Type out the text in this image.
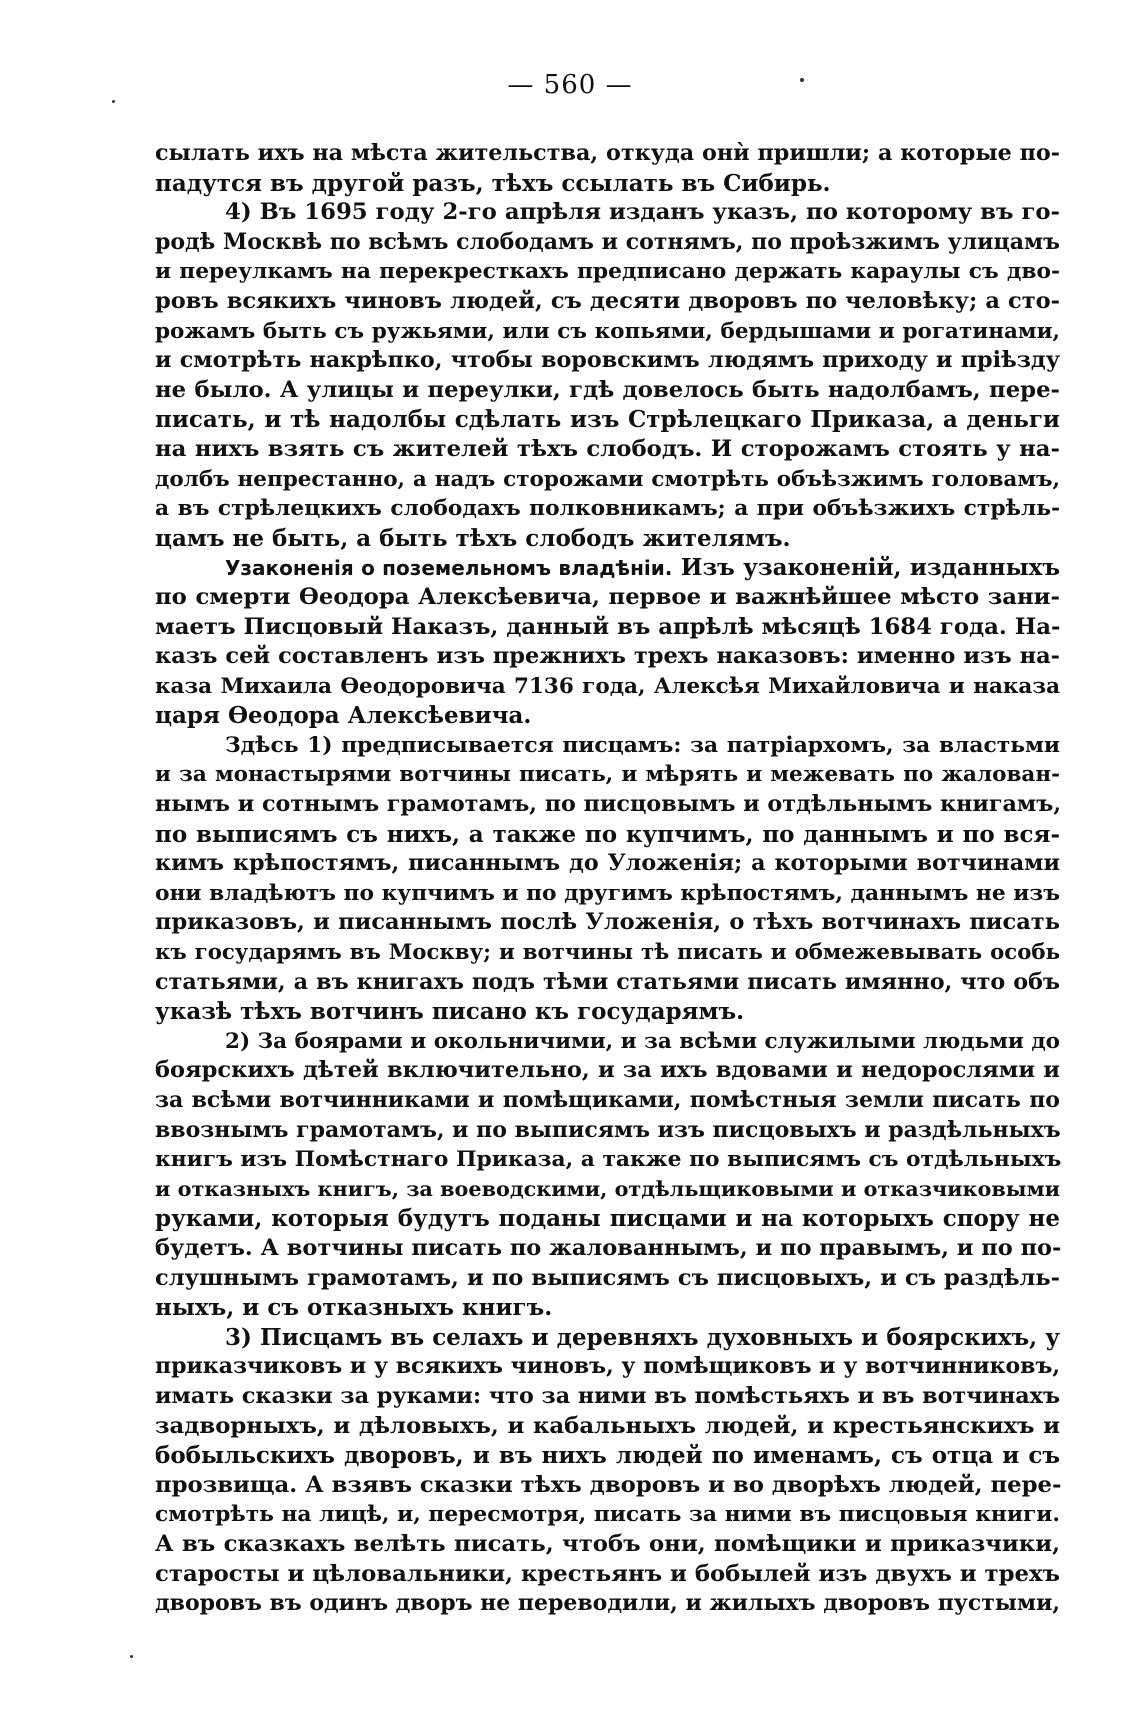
— 560 —
сылать ихъ на мѣста жительства, откуда онѝ пришли; а которые по-
падутся въ другой разъ, тѣхъ ссылать въ Сибирь.
4) Въ 1695 году 2-го апрѣля изданъ указъ, по которому въ го-
родѣ Москвѣ по всѣмъ слободамъ и сотнямъ, по проѣзжимъ улицамъ
и переулкамъ на перекресткахъ предписано держать караулы съ дво-
ровъ всякихъ чиновъ людей, съ десяти дворовъ по человѣку; а сто-
рожамъ быть съ ружьями, или съ копьями, бердышами и рогатинами,
и смотрѣть накрѣпко, чтобы воровскимъ людямъ приходу и пріѣзду
не было. А улицы и переулки, гдѣ довелось быть надолбамъ, пере-
писать, и тѣ надолбы сдѣлать изъ Стрѣлецкаго Приказа, а деньги
на нихъ взять съ жителей тѣхъ слободъ. И сторожамъ стоять у на-
долбъ непрестанно, а надъ сторожами смотрѣть объѣзжимъ головамъ,
а въ стрѣлецкихъ слободахъ полковникамъ; а при объѣзжихъ стрѣль-
цамъ не быть, а быть тѣхъ слободъ жителямъ.
Узаконенія о поземельномъ владѣніи. Изъ узаконеній, изданныхъ
по смерти Ѳеодора Алексѣевича, первое и важнѣйшее мѣсто зани-
маетъ Писцовый Наказъ, данный въ апрѣлѣ мѣсяцѣ 1684 года. На-
казъ сей составленъ изъ прежнихъ трехъ наказовъ: именно изъ на-
каза Михаила Ѳеодоровича 7136 года, Алексѣя Михайловича и наказа
царя Ѳеодора Алексѣевича.
Здѣсь 1) предписывается писцамъ: за патріархомъ, за властьми
и за монастырями вотчины писать, и мѣрять и межевать по жалован-
нымъ и сотнымъ грамотамъ, по писцовымъ и отдѣльнымъ книгамъ,
по выписямъ съ нихъ, а также по купчимъ, по даннымъ и по вся-
кимъ крѣпостямъ, писаннымъ до Уложенія; а которыми вотчинами
они владѣютъ по купчимъ и по другимъ крѣпостямъ, даннымъ не изъ
приказовъ, и писаннымъ послѣ Уложенія, о тѣхъ вотчинахъ писать
къ государямъ въ Москву; и вотчины тѣ писать и обмежевывать особь
статьями, а въ книгахъ подъ тѣми статьями писать имянно, что объ
указѣ тѣхъ вотчинъ писано къ государямъ.
2) За боярами и окольничими, и за всѣми служилыми людьми до
боярскихъ дѣтей включительно, и за ихъ вдовами и недорослями и
за всѣми вотчинниками и помѣщиками, помѣстныя земли писать по
ввознымъ грамотамъ, и по выписямъ изъ писцовыхъ и раздѣльныхъ
книгъ изъ Помѣстнаго Приказа, а также по выписямъ съ отдѣльныхъ
и отказныхъ книгъ, за воеводскими, отдѣльщиковыми и отказчиковыми
руками, которыя будутъ поданы писцами и на которыхъ спору не
будетъ. А вотчины писать по жалованнымъ, и по правымъ, и по по-
слушнымъ грамотамъ, и по выписямъ съ писцовыхъ, и съ раздѣль-
ныхъ, и съ отказныхъ книгъ.
3) Писцамъ въ селахъ и деревняхъ духовныхъ и боярскихъ, у
приказчиковъ и у всякихъ чиновъ, у помѣщиковъ и у вотчинниковъ,
имать сказки за руками: что за ними въ помѣстьяхъ и въ вотчинахъ
задворныхъ, и дѣловыхъ, и кабальныхъ людей, и крестьянскихъ и
бобыльскихъ дворовъ, и въ нихъ людей по именамъ, съ отца и съ
прозвища. А взявъ сказки тѣхъ дворовъ и во дворѣхъ людей, пере-
смотрѣть на лицѣ, и, пересмотря, писать за ними въ писцовыя книги.
А въ сказкахъ велѣть писать, чтобъ они, помѣщики и приказчики,
старосты и цѣловальники, крестьянъ и бобылей изъ двухъ и трехъ
дворовъ въ одинъ дворъ не переводили, и жилыхъ дворовъ пустыми,
